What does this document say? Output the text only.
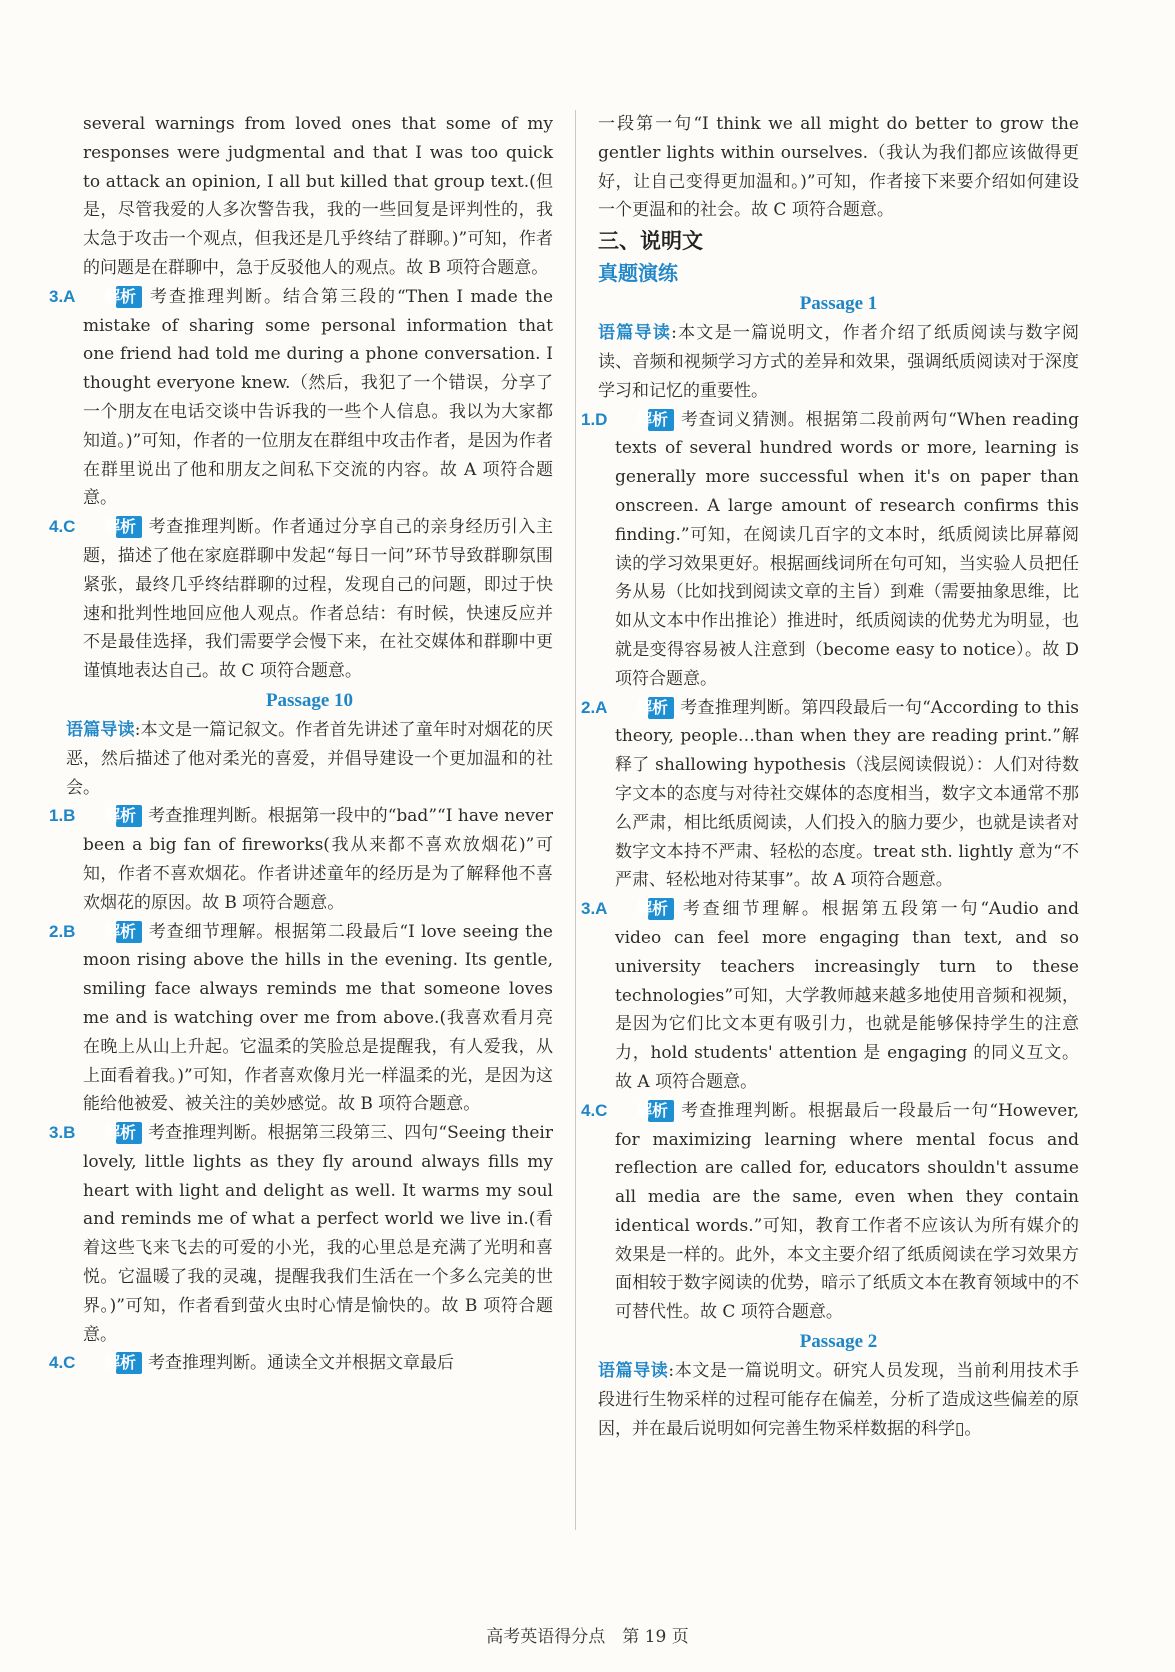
several warnings from loved ones that some of my responses were judgmental and that I was too quick to attack an opinion, I all but killed that group text.(但是，尽管我爱的人多次警告我，我的一些回复是评判性的，我太急于攻击一个观点，但我还是几乎终结了群聊。)”可知，作者的问题是在群聊中，急于反驳他人的观点。故 B 项符合题意。

3.A 解析 考查推理判断。结合第三段的“Then I made the mistake of sharing some personal information that one friend had told me during a phone conversation. I thought everyone knew.（然后，我犯了一个错误，分享了一个朋友在电话交谈中告诉我的一些个人信息。我以为大家都知道。)”可知，作者的一位朋友在群组中攻击作者，是因为作者在群里说出了他和朋友之间私下交流的内容。故 A 项符合题意。
4.C 解析 考查推理判断。作者通过分享自己的亲身经历引入主题，描述了他在家庭群聊中发起“每日一问”环节导致群聊氛围紧张，最终几乎终结群聊的过程，发现自己的问题，即过于快速和批判性地回应他人观点。作者总结：有时候，快速反应并不是最佳选择，我们需要学会慢下来，在社交媒体和群聊中更谨慎地表达自己。故 C 项符合题意。
Passage 10

语篇导读:本文是一篇记叙文。作者首先讲述了童年时对烟花的厌恶，然后描述了他对柔光的喜爱，并倡导建设一个更加温和的社会。

1.B 解析 考查推理判断。根据第一段中的“bad”“I have never been a big fan of fireworks(我从来都不喜欢放烟花)”可知，作者不喜欢烟花。作者讲述童年的经历是为了解释他不喜欢烟花的原因。故 B 项符合题意。
2.B 解析 考查细节理解。根据第二段最后“I love seeing the moon rising above the hills in the evening. Its gentle, smiling face always reminds me that someone loves me and is watching over me from above.(我喜欢看月亮在晚上从山上升起。它温柔的笑脸总是提醒我，有人爱我，从上面看着我。)”可知，作者喜欢像月光一样温柔的光，是因为这能给他被爱、被关注的美妙感觉。故 B 项符合题意。
3.B 解析 考查推理判断。根据第三段第三、四句“Seeing their lovely, little lights as they fly around always fills my heart with light and delight as well. It warms my soul and reminds me of what a perfect world we live in.(看着这些飞来飞去的可爱的小光，我的心里总是充满了光明和喜悦。它温暖了我的灵魂，提醒我我们生活在一个多么完美的世界。)”可知，作者看到萤火虫时心情是愉快的。故 B 项符合题意。
4.C 解析 考查推理判断。通读全文并根据文章最后

一段第一句“I think we all might do better to grow the gentler lights within ourselves.（我认为我们都应该做得更好，让自己变得更加温和。)”可知，作者接下来要介绍如何建设一个更温和的社会。故 C 项符合题意。

三、说明文
真题演练
Passage 1

语篇导读:本文是一篇说明文，作者介绍了纸质阅读与数字阅读、音频和视频学习方式的差异和效果，强调纸质阅读对于深度学习和记忆的重要性。

1.D 解析 考查词义猜测。根据第二段前两句“When reading texts of several hundred words or more, learning is generally more successful when it's on paper than onscreen. A large amount of research confirms this finding.”可知，在阅读几百字的文本时，纸质阅读比屏幕阅读的学习效果更好。根据画线词所在句可知，当实验人员把任务从易（比如找到阅读文章的主旨）到难（需要抽象思维，比如从文本中作出推论）推进时，纸质阅读的优势尤为明显，也就是变得容易被人注意到（become easy to notice）。故 D 项符合题意。
2.A 解析 考查推理判断。第四段最后一句“According to this theory, people…than when they are reading print.”解释了 shallowing hypothesis（浅层阅读假说）：人们对待数字文本的态度与对待社交媒体的态度相当，数字文本通常不那么严肃，相比纸质阅读，人们投入的脑力要少，也就是读者对数字文本持不严肃、轻松的态度。treat sth. lightly 意为“不严肃、轻松地对待某事”。故 A 项符合题意。
3.A 解析 考查细节理解。根据第五段第一句“Audio and video can feel more engaging than text, and so university teachers increasingly turn to these technologies”可知，大学教师越来越多地使用音频和视频，是因为它们比文本更有吸引力，也就是能够保持学生的注意力，hold students' attention 是 engaging 的同义互文。故 A 项符合题意。
4.C 解析 考查推理判断。根据最后一段最后一句“However, for maximizing learning where mental focus and reflection are called for, educators shouldn't assume all media are the same, even when they contain identical words.”可知，教育工作者不应该认为所有媒介的效果是一样的。此外，本文主要介绍了纸质阅读在学习效果方面相较于数字阅读的优势，暗示了纸质文本在教育领域中的不可替代性。故 C 项符合题意。
Passage 2

语篇导读:本文是一篇说明文。研究人员发现，当前利用技术手段进行生物采样的过程可能存在偏差，分析了造成这些偏差的原因，并在最后说明如何完善生物采样数据的科学▯。

高考英语得分点　第 19 页
